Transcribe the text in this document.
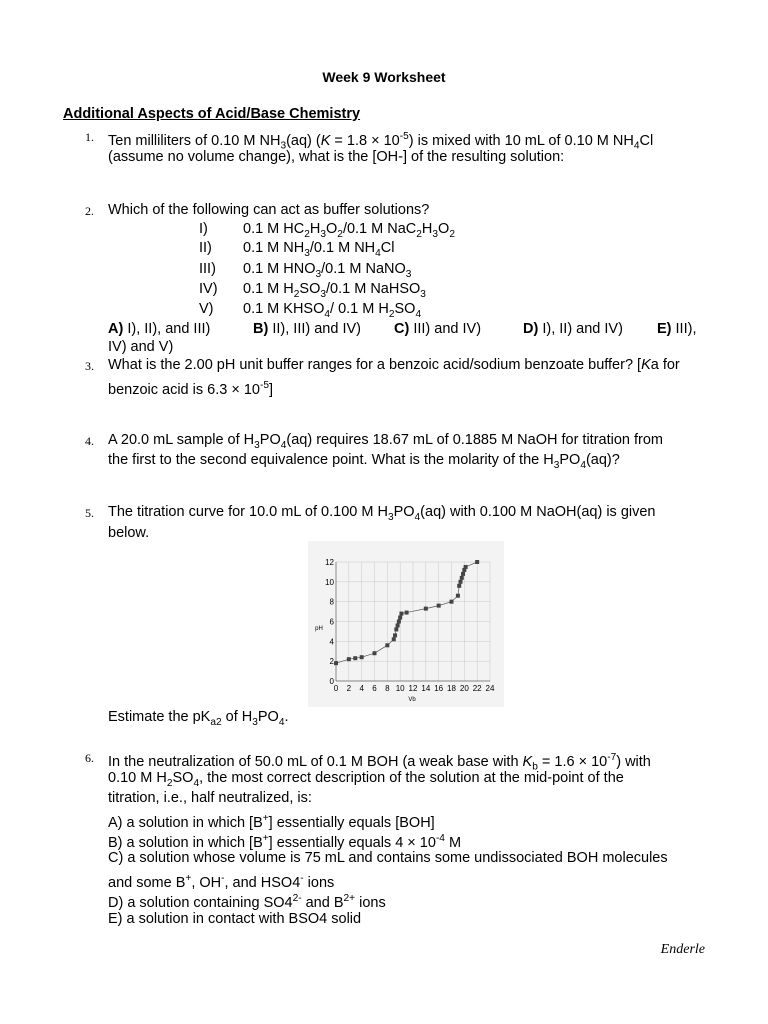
Week 9 Worksheet
Additional Aspects of Acid/Base Chemistry
1. Ten milliliters of 0.10 M $NH_3(aq) (K = 1.8 \times 10^{-5})$ is mixed with 10 mL of 0.10 M $NH_4Cl$
(assume no volume change), what is the [OH-] of the resulting solution:
2. Which of the following can act as buffer solutions?
I) 0.1 M $HC_2H_3O_2/0.1$ M $NaC_2H_3O_2$
II) 0.1 M $NH_3/0.1$ M $NH_4Cl$
III) 0.1 M $HNO_3/0.1$ M NaNO$_3$
IV) 0.1 M $H_2SO_3/0.1$ M NaHSO$_3$
V) 0.1 M $KHSO_4/$ 0.1 M $H_2SO_4$
A) I), II), and III)	B) II), III) and IV) C) III) and IV)	D) I), II) and IV) E) III),
IV) and V)
3. What is the 2.00 pH unit buffer ranges for a benzoic acid/sodium benzoate buffer? [Ka for
benzoic acid is $6.3 \times 10^{-5}$]
4. A 20.0 mL sample of $H_3PO_4(aq)$ requires 18.67 mL of 0.1885 M NaOH for titration from
the first to the second equivalence point. What is the molarity of the $H_3PO_4(aq)$?
5. The titration curve for 10.0 mL of 0.100 M $H_3PO_4(aq)$ with 0.100 M NaOH(aq) is given
below.
0 2 4 6 8 10 12 14 16 18 20 22 24
0
2
4
6
8
10
12
Vb
pH
Estimate the $pK_{a2}$ of $H_3PO_4$.
6. In the neutralization of 50.0 mL of 0.1 M BOH (a weak base with $K_b = 1.6 \times 10^{-7}$) with
0.10 M $H_2SO_4$, the most correct description of the solution at the mid-point of the
titration, i.e., half neutralized, is:
A) a solution in which [B+] essentially equals [BOH]
B) a solution in which [B+] essentially equals $4 \times 10^{-4}$ M
C) a solution whose volume is 75 mL and contains some undissociated BOH molecules
and some B+, OH-, and HSO4- ions
D) a solution containing $SO4^{2-}$ and $B^{2+}$ ions
E) a solution in contact with BSO4 solid
Enderle
